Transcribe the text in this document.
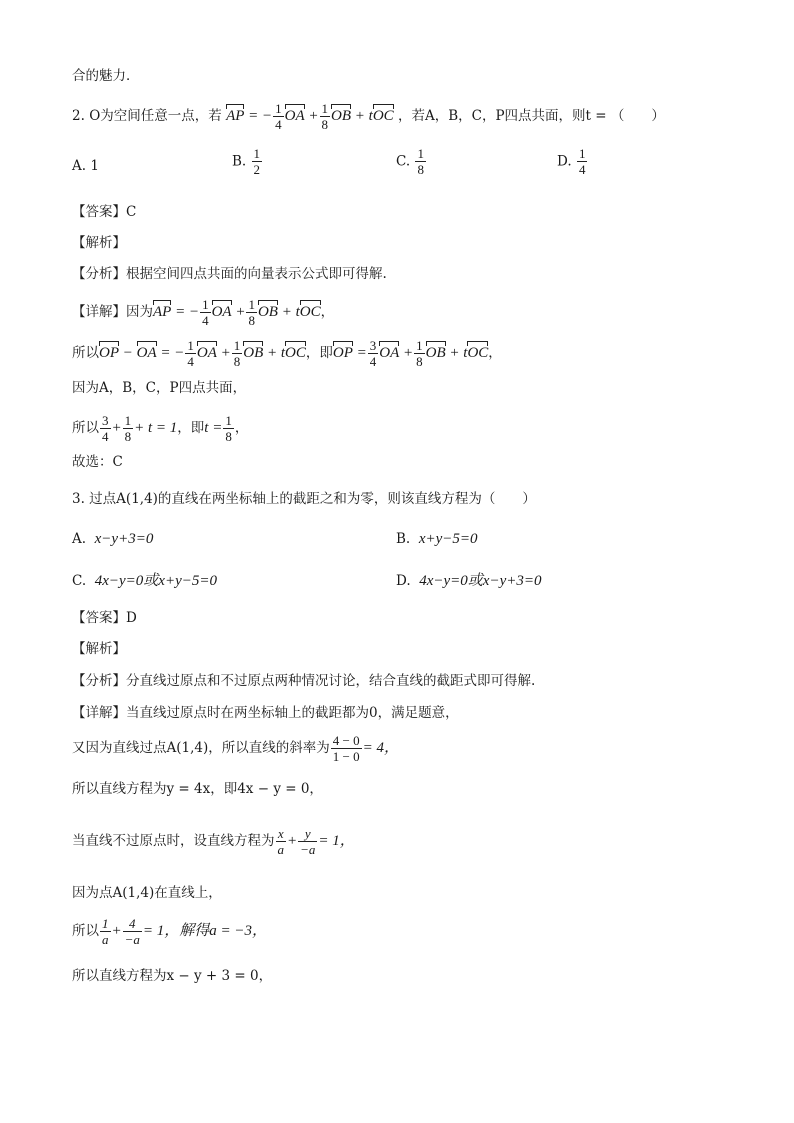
合的魅力．
2. O为空间任意一点，若 AP = − $\frac{1}{4}$ OA + $\frac{1}{8}$ OB + tOC ，若A，B，C，P四点共面，则t = （　　）
A. 1	B. $\frac{1}{2}$	C. $\frac{1}{8}$	D. $\frac{1}{4}$
【答案】C
【解析】
【分析】根据空间四点共面的向量表示公式即可得解.
【详解】因为AP = − $\frac{1}{4}$ OA + $\frac{1}{8}$ OB + tOC，
所以OP − OA = − $\frac{1}{4}$ OA + $\frac{1}{8}$ OB + tOC，即OP = $\frac{3}{4}$ OA + $\frac{1}{8}$ OB + tOC，
因为A，B，C，P四点共面，
所以 $\frac{3}{4} + \frac{1}{8} + t = 1$，即$t = \frac{1}{8}$ ，
故选：C
3. 过点A(1,4)的直线在两坐标轴上的截距之和为零，则该直线方程为（　　）
A. x−y+3=0	B. x+y−5=0
C. 4x−y=0或x+y−5=0	D. 4x−y=0或x−y+3=0
【答案】D
【解析】
【分析】分直线过原点和不过原点两种情况讨论，结合直线的截距式即可得解.
【详解】当直线过原点时在两坐标轴上的截距都为0，满足题意，
又因为直线过点A(1,4)，所以直线的斜率为 $\frac{4 - 0}{1 - 0} = 4$，
所以直线方程为y = 4x，即4x − y = 0，
当直线不过原点时，设直线方程为 $\frac{x}{a} + \frac{y}{-a} = 1$，
因为点A(1,4)在直线上，
所以 $\frac{1}{a} + \frac{4}{-a} = 1$，解得a = −3，
所以直线方程为x − y + 3 = 0，
